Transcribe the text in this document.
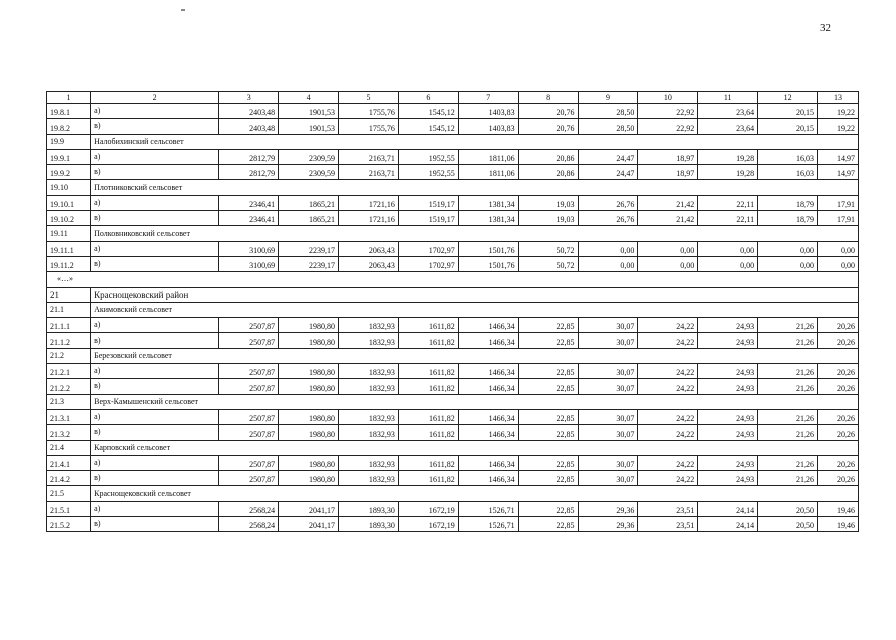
32
1	2	3	4	5	6	7	8	9	10	11	12	13
19.8.1	а)	2403,48	1901,53	1755,76	1545,12	1403,83	20,76	28,50	22,92	23,64	20,15	19,22
19.8.2	в)	2403,48	1901,53	1755,76	1545,12	1403,83	20,76	28,50	22,92	23,64	20,15	19,22
19.9	Налобихинский сельсовет											
19.9.1	а)	2812,79	2309,59	2163,71	1952,55	1811,06	20,86	24,47	18,97	19,28	16,03	14,97
19.9.2	в)	2812,79	2309,59	2163,71	1952,55	1811,06	20,86	24,47	18,97	19,28	16,03	14,97
19.10	Плотниковский сельсовет											
19.10.1	а)	2346,41	1865,21	1721,16	1519,17	1381,34	19,03	26,76	21,42	22,11	18,79	17,91
19.10.2	в)	2346,41	1865,21	1721,16	1519,17	1381,34	19,03	26,76	21,42	22,11	18,79	17,91
19.11	Полковниковский сельсовет											
19.11.1	а)	3100,69	2239,17	2063,43	1702,97	1501,76	50,72	0,00	0,00	0,00	0,00	0,00
19.11.2	в)	3100,69	2239,17	2063,43	1702,97	1501,76	50,72	0,00	0,00	0,00	0,00	0,00
«…»												
21	Краснощековский район											
21.1	Акимовский сельсовет											
21.1.1	а)	2507,87	1980,80	1832,93	1611,82	1466,34	22,85	30,07	24,22	24,93	21,26	20,26
21.1.2	в)	2507,87	1980,80	1832,93	1611,82	1466,34	22,85	30,07	24,22	24,93	21,26	20,26
21.2	Березовский сельсовет											
21.2.1	а)	2507,87	1980,80	1832,93	1611,82	1466,34	22,85	30,07	24,22	24,93	21,26	20,26
21.2.2	в)	2507,87	1980,80	1832,93	1611,82	1466,34	22,85	30,07	24,22	24,93	21,26	20,26
21.3	Верх-Камышенский сельсовет											
21.3.1	а)	2507,87	1980,80	1832,93	1611,82	1466,34	22,85	30,07	24,22	24,93	21,26	20,26
21.3.2	в)	2507,87	1980,80	1832,93	1611,82	1466,34	22,85	30,07	24,22	24,93	21,26	20,26
21.4	Карповский сельсовет											
21.4.1	а)	2507,87	1980,80	1832,93	1611,82	1466,34	22,85	30,07	24,22	24,93	21,26	20,26
21.4.2	в)	2507,87	1980,80	1832,93	1611,82	1466,34	22,85	30,07	24,22	24,93	21,26	20,26
21.5	Краснощековский сельсовет											
21.5.1	а)	2568,24	2041,17	1893,30	1672,19	1526,71	22,85	29,36	23,51	24,14	20,50	19,46
21.5.2	в)	2568,24	2041,17	1893,30	1672,19	1526,71	22,85	29,36	23,51	24,14	20,50	19,46
